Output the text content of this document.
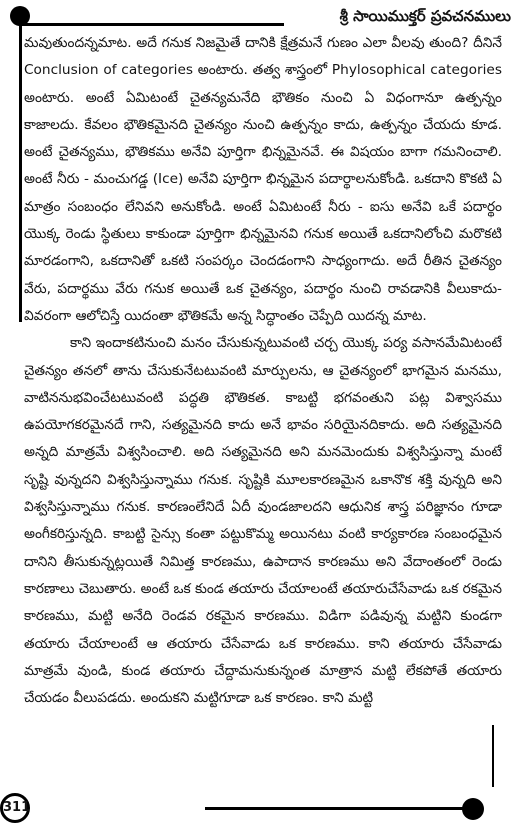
శ్రీ సాయిముక్తర్ ప్రవచనములు

మవుతుందన్నమాట. అదే గనుక నిజమైతే దానికి క్షేత్రమనే గుణం ఎలా వీలవు తుంది? దీనినే Conclusion of categories అంటారు. తత్వ శాస్త్రంలో Phylosophical categories అంటారు. అంటే ఏమిటంటే చైతన్యమనేది భౌతికం నుంచి ఏ విధంగానూ ఉత్పన్నం కాజాలదు. కేవలం భౌతికమైనది చైతన్యం నుంచి ఉత్పన్నం కాదు, ఉత్పన్నం చేయదు కూడ. అంటే చైతన్యము, భౌతికము అనేవి పూర్తిగా భిన్నమైనవే. ఈ విషయం బాగా గమనించాలి. అంటే నీరు - మంచుగడ్డ (Ice) అనేవి పూర్తిగా భిన్నమైన పదార్థాలనుకోండి. ఒకదాని కొకటి ఏ మాత్రం సంబంధం లేనివని అనుకోండి. అంటే ఏమిటంటే నీరు - ఐసు అనేవి ఒకే పదార్థం యొక్క రెండు స్థితులు కాకుండా పూర్తిగా భిన్నమైనవి గనుక అయితే ఒకదానిలోంచి మరొకటి మారడంగాని, ఒకదానితో ఒకటి సంపర్కం చెందడంగాని సాధ్యంగాదు. అదే రీతిన చైతన్యం వేరు, పదార్థము వేరు గనుక అయితే ఒక చైతన్యం, పదార్థం నుంచి రావడానికి వీలుకాదు-వివరంగా ఆలోచిస్తే యిదంతా భౌతికమే అన్న సిద్ధాంతం చెప్పేది యిదన్న మాట.

కాని ఇందాకటినుంచి మనం చేసుకున్నటువంటి చర్చ యొక్క పర్య వసానమేమిటంటే చైతన్యం తనలో తాను చేసుకునేటటువంటి మార్పులను, ఆ చైతన్యంలో భాగమైన మనము, వాటిననుభవించేటటువంటి పద్ధతి భౌతికత. కాబట్టి భగవంతుని పట్ల విశ్వాసము ఉపయోగకరమైనదే గాని, సత్యమైనది కాదు అనే భావం సరియైనదికాదు. అది సత్యమైనది అన్నది మాత్రమే విశ్వసించాలి. అది సత్యమైనది అని మనమెందుకు విశ్వసిస్తున్నా మంటే సృష్టి వున్నదని విశ్వసిస్తున్నాము గనుక. సృష్టికి మూలకారణమైన ఒకానొక శక్తి వున్నది అని విశ్వసిస్తున్నాము గనుక. కారణంలేనిదే ఏదీ వుండజాలదని ఆధునిక శాస్త్ర పరిజ్ఞానం గూడా అంగీకరిస్తున్నది. కాబట్టి సైన్సు కంతా పట్టుకొమ్మ అయినటు వంటి కార్యకారణ సంబంధమైన దానిని తీసుకున్నట్లయితే నిమిత్త కారణము, ఉపాదాన కారణము అని వేదాంతంలో రెండు కారణాలు చెబుతారు. అంటే ఒక కుండ తయారు చేయాలంటే తయారుచేసేవాడు ఒక రకమైన కారణము, మట్టి అనేది రెండవ రకమైన కారణము. విడిగా పడివున్న మట్టిని కుండగా తయారు చేయాలంటే ఆ తయారు చేసేవాడు ఒక కారణము. కాని తయారు చేసేవాడు మాత్రమే వుండి, కుండ తయారు చేద్దామనుకున్నంత మాత్రాన మట్టి లేకపోతే తయారు చేయడం వీలుపడదు. అందుకని మట్టిగూడా ఒక కారణం. కాని మట్టి

311
